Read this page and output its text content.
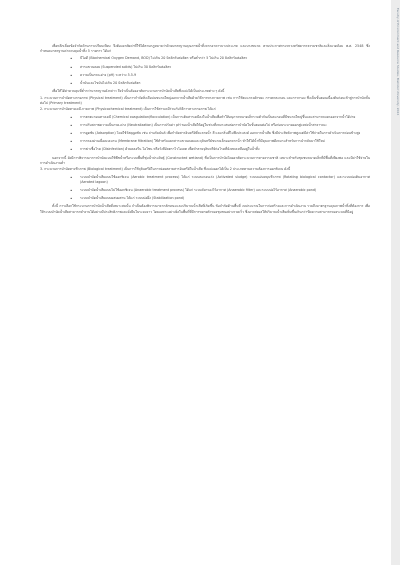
เพื่อหลีกเลี่ยงข้อจำกัดด้านการเปรียบเทียบ จึงต้องอาศัยค่าที่ใช้ได้ตามกฎหมายว่าด้วยมาตรฐานคุณภาพน้ำทิ้งจากอาคารบางประเภท และบางขนาด ตามประกาศกระทรวงทรัพยากรธรรมชาติและสิ่งแวดล้อม พ.ศ. 2548 ซึ่งกำหนดมาตรฐานค่าควบคุมน้ำทิ้ง 5 รายการ ได้แก่

• บีโอดี (Biochemical Oxygen Demand, BOD) ไม่เกิน 20 มิลลิกรัมต่อลิตร หรือต่ำกว่า 5 ไม่เกิน 20 มิลลิกรัมต่อลิตร
• สารแขวนลอย (Suspended solids) ไม่เกิน 30 มิลลิกรัมต่อลิตร
• ความเป็นกรด-ด่าง (pH) ระหว่าง 5.5-9
• น้ำมันและไขมันไม่เกิน 20 มิลลิกรัมต่อลิตร

เพื่อให้ได้ค่าควบคุมที่ต่ำกว่ามาตรฐานดังกล่าว จึงจำเป็นต้องอาศัยกระบวนการบำบัดน้ำเสียซึ่งแบ่งได้เป็นประเภทต่าง ๆ ดังนี้

1. กระบวนการบำบัดทางกายภาพ (Physical treatment) เป็นการกำจัดสิ่งเจือปนขนาดใหญ่ออกจากน้ำเสียด้วยวิธีการทางกายภาพ เช่น การใช้ตะแกรงดักขยะ การตกตะกอน และการกรอง ซึ่งเป็นขั้นตอนเบื้องต้นก่อนเข้าสู่การบำบัดขั้นต่อไป (Primary treatment)

2. กระบวนการบำบัดทางเคมี-กายภาพ (Physicochemical treatment) เป็นการใช้สารเคมีร่วมกับวิธีการทางกายภาพ ได้แก่

• การตกตะกอนทางเคมี (Chemical coagulation/flocculation) เป็นการเติมสารเคมีลงในน้ำเสียเพื่อทำให้อนุภาคขนาดเล็กรวมตัวกันเป็นตะกอนที่มีขนาดใหญ่ขึ้นและสามารถแยกออกจากน้ำได้ง่าย
• การปรับสภาพความเป็นกรด-ด่าง (Neutralization) เป็นการปรับค่า pH ของน้ำเสียให้อยู่ในช่วงที่เหมาะสมต่อการบำบัดในขั้นตอนต่อไป หรือก่อนระบายออกสู่แหล่งน้ำสาธารณะ
• การดูดซับ (Adsorption) โดยใช้วัสดุดูดซับ เช่น ถ่านกัมมันต์ เพื่อกำจัดสารอินทรีย์ที่ละลายน้ำ สี และกลิ่นที่ไม่พึงประสงค์ ออกจากน้ำเสีย ซึ่งมีประสิทธิภาพสูงแต่มีค่าใช้จ่ายในการดำเนินการค่อนข้างสูง
• การกรองผ่านเยื่อเมมเบรน (Membrane filtration) ใช้สำหรับแยกสารแขวนลอยและจุลินทรีย์ขนาดเล็กออกจากน้ำ ทำให้ได้น้ำที่มีคุณภาพดีเหมาะสำหรับการนำกลับมาใช้ใหม่
• การฆ่าเชื้อโรค (Disinfection) ด้วยคลอรีน โอโซน หรือรังสีอัลตราไวโอเลต เพื่อทำลายจุลินทรีย์ก่อโรคที่ยังหลงเหลืออยู่ในน้ำทิ้ง

นอกจากนี้ ยังมีการพิจารณาการบำบัดแบบใช้พืชน้ำหรือระบบพื้นที่ชุ่มน้ำประดิษฐ์ (Constructed wetland) ซึ่งเป็นการบำบัดโดยอาศัยกระบวนการทางธรรมชาติ เหมาะสำหรับชุมชนขนาดเล็กที่มีพื้นที่เพียงพอ และมีค่าใช้จ่ายในการดำเนินงานต่ำ

3. กระบวนการบำบัดทางชีวภาพ (Biological treatment) เป็นการใช้จุลินทรีย์ในการย่อยสลายสารอินทรีย์ในน้ำเสีย ซึ่งแบ่งออกได้เป็น 2 ประเภทตามความต้องการออกซิเจน ดังนี้

• ระบบบำบัดน้ำเสียแบบใช้ออกซิเจน (Aerobic treatment process) ได้แก่ ระบบตะกอนเร่ง (Activated sludge) ระบบแผ่นหมุนชีวภาพ (Rotating biological contactor) และระบบบ่อเติมอากาศ (Aerated lagoon)
• ระบบบำบัดน้ำเสียแบบไม่ใช้ออกซิเจน (Anaerobic treatment process) ได้แก่ ระบบถังกรองไร้อากาศ (Anaerobic filter) และระบบบ่อไร้อากาศ (Anaerobic pond)
• ระบบบำบัดน้ำเสียแบบผสมผสาน ได้แก่ ระบบบ่อผึ่ง (Stabilization pond)

ทั้งนี้ การเลือกใช้กระบวนการบำบัดน้ำเสียที่เหมาะสมนั้น จำเป็นต้องพิจารณาจากลักษณะและปริมาณน้ำเสียที่เกิดขึ้น ข้อจำกัดด้านพื้นที่ งบประมาณในการก่อสร้างและการดำเนินงาน รวมถึงมาตรฐานคุณภาพน้ำทิ้งที่ต้องการ เพื่อให้ระบบบำบัดน้ำเสียสามารถทำงานได้อย่างมีประสิทธิภาพและยั่งยืนในระยะยาว โดยเฉพาะอย่างยิ่งในพื้นที่ที่มีการขยายตัวของชุมชนอย่างรวดเร็ว ซึ่งอาจส่งผลให้ปริมาณน้ำเสียเพิ่มขึ้นเกินกว่าขีดความสามารถของระบบที่มีอยู่

Faculty of Environment and Resource Studies, Mahidol University, 2024
